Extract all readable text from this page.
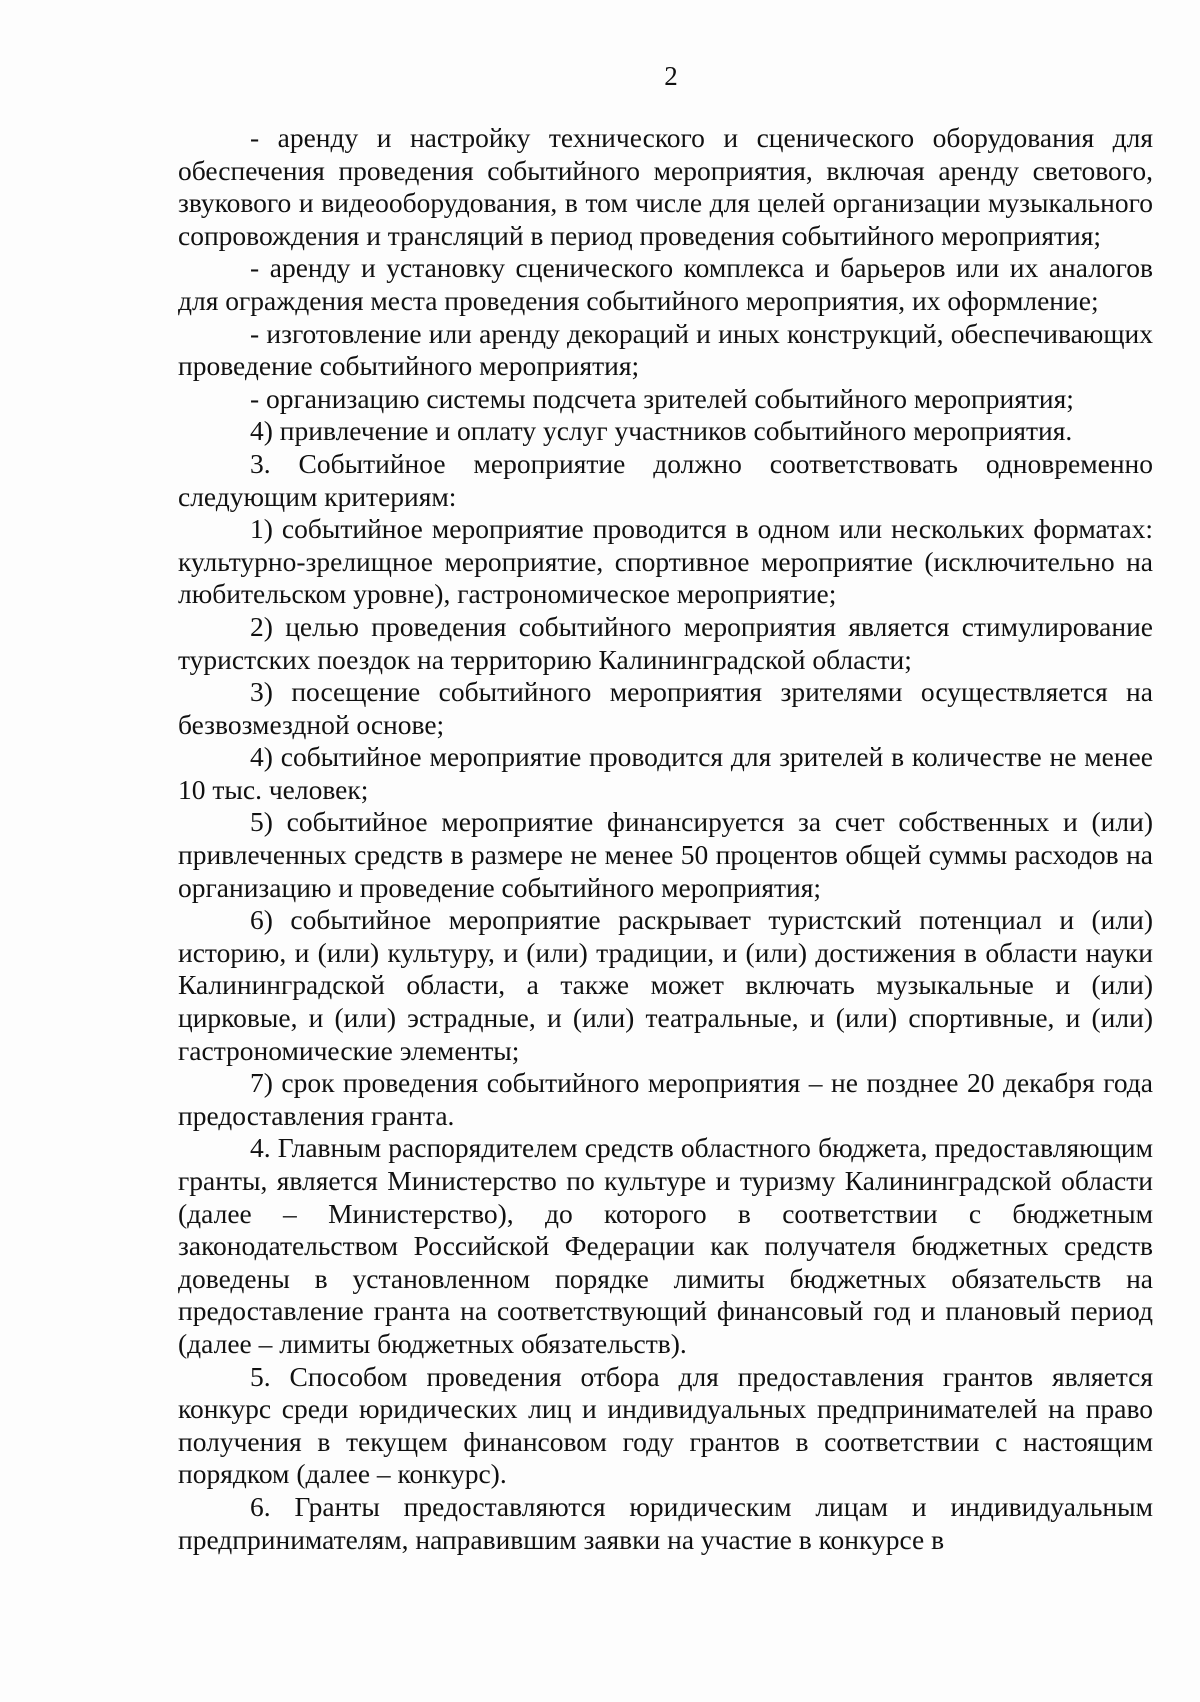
2

- аренду и настройку технического и сценического оборудования для обеспечения проведения событийного мероприятия, включая аренду светового, звукового и видеооборудования, в том числе для целей организации музыкального сопровождения и трансляций в период проведения событийного мероприятия;

- аренду и установку сценического комплекса и барьеров или их аналогов для ограждения места проведения событийного мероприятия, их оформление;

- изготовление или аренду декораций и иных конструкций, обеспечивающих проведение событийного мероприятия;

- организацию системы подсчета зрителей событийного мероприятия;

4) привлечение и оплату услуг участников событийного мероприятия.

3. Событийное мероприятие должно соответствовать одновременно следующим критериям:

1) событийное мероприятие проводится в одном или нескольких форматах: культурно-зрелищное мероприятие, спортивное мероприятие (исключительно на любительском уровне), гастрономическое мероприятие;

2) целью проведения событийного мероприятия является стимулирование туристских поездок на территорию Калининградской области;

3) посещение событийного мероприятия зрителями осуществляется на безвозмездной основе;

4) событийное мероприятие проводится для зрителей в количестве не менее 10 тыс. человек;

5) событийное мероприятие финансируется за счет собственных и (или) привлеченных средств в размере не менее 50 процентов общей суммы расходов на организацию и проведение событийного мероприятия;

6) событийное мероприятие раскрывает туристский потенциал и (или) историю, и (или) культуру, и (или) традиции, и (или) достижения в области науки Калининградской области, а также может включать музыкальные и (или) цирковые, и (или) эстрадные, и (или) театральные, и (или) спортивные, и (или) гастрономические элементы;

7) срок проведения событийного мероприятия – не позднее 20 декабря года предоставления гранта.

4. Главным распорядителем средств областного бюджета, предоставляющим гранты, является Министерство по культуре и туризму Калининградской области (далее – Министерство), до которого в соответствии с бюджетным законодательством Российской Федерации как получателя бюджетных средств доведены в установленном порядке лимиты бюджетных обязательств на предоставление гранта на соответствующий финансовый год и плановый период (далее – лимиты бюджетных обязательств).

5. Способом проведения отбора для предоставления грантов является конкурс среди юридических лиц и индивидуальных предпринимателей на право получения в текущем финансовом году грантов в соответствии с настоящим порядком (далее – конкурс).

6. Гранты предоставляются юридическим лицам и индивидуальным предпринимателям, направившим заявки на участие в конкурсе в
